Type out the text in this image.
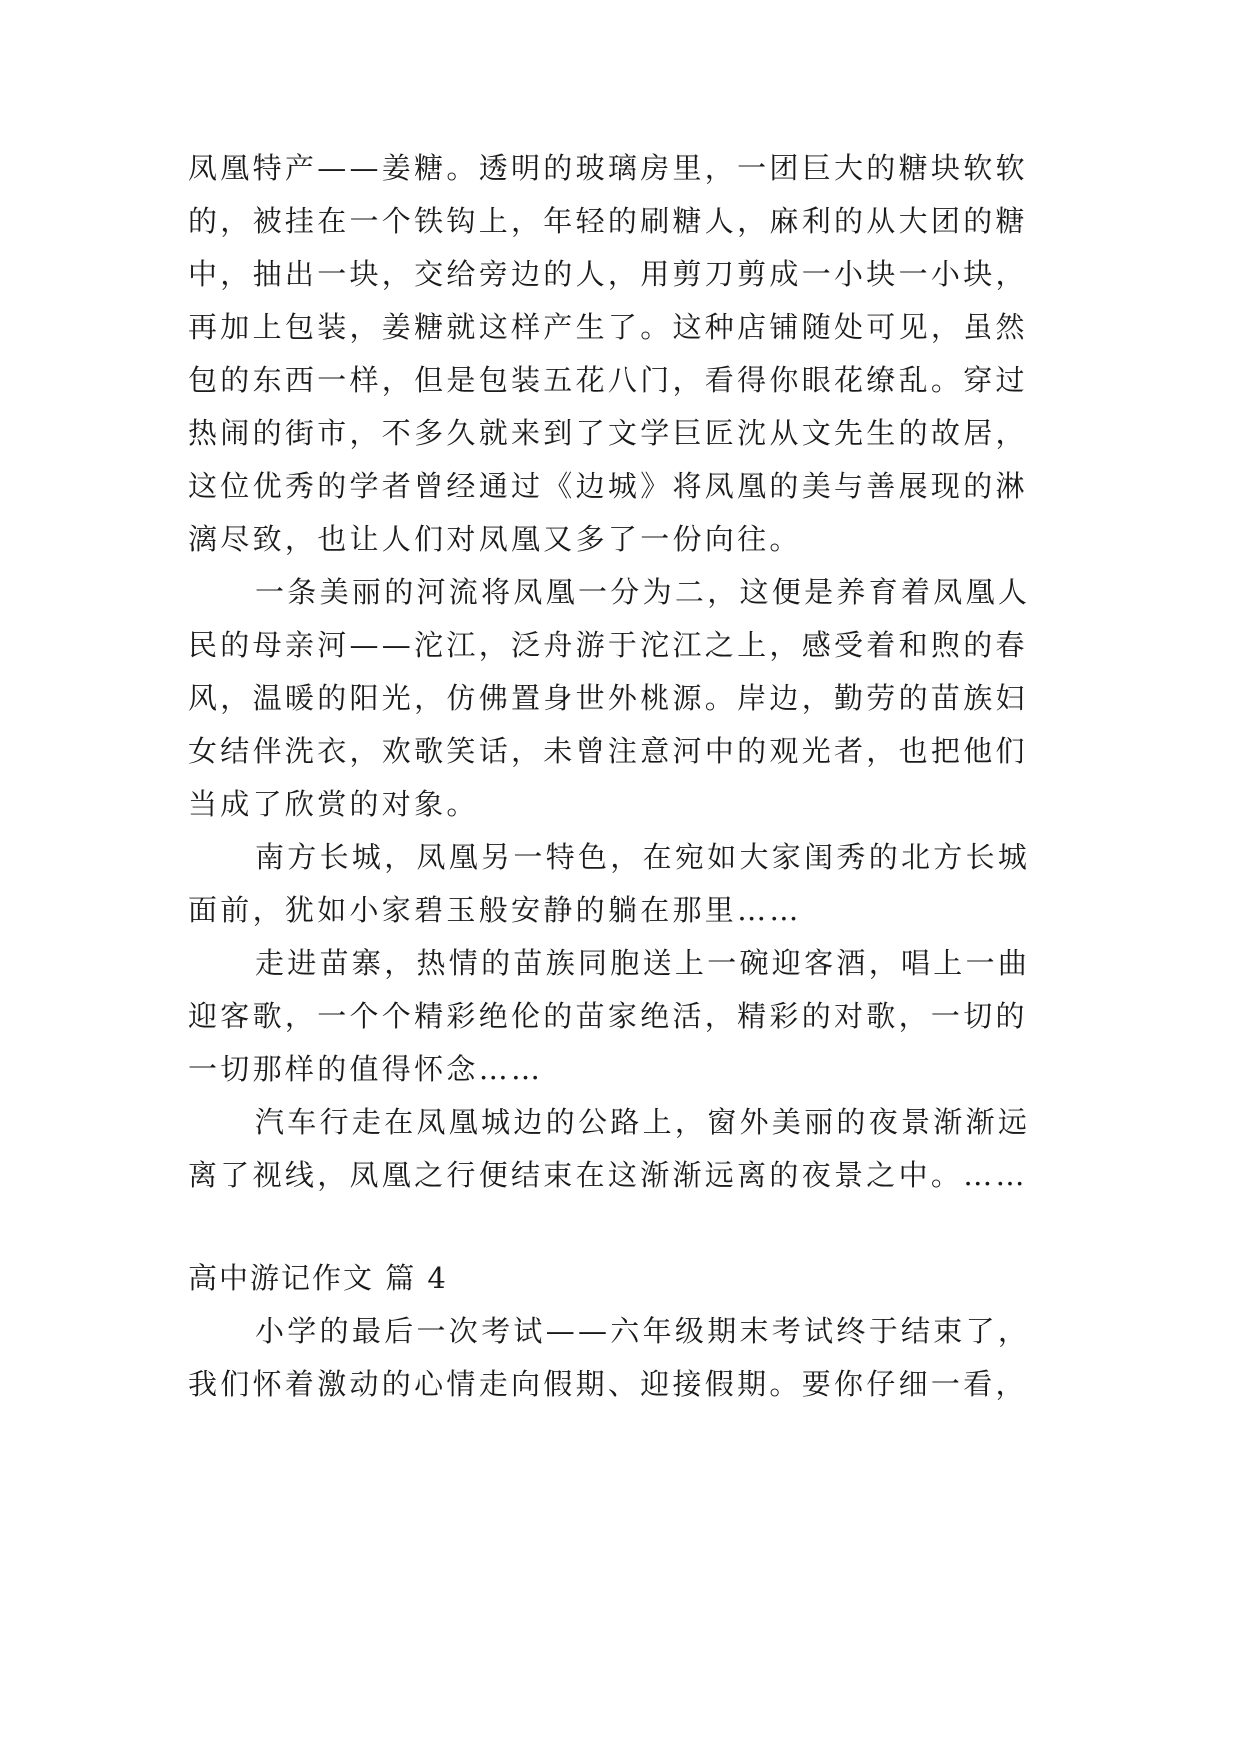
凤凰特产——姜糖。透明的玻璃房里，一团巨大的糖块软软
的，被挂在一个铁钩上，年轻的刷糖人，麻利的从大团的糖
中，抽出一块，交给旁边的人，用剪刀剪成一小块一小块，
再加上包装，姜糖就这样产生了。这种店铺随处可见，虽然
包的东西一样，但是包装五花八门，看得你眼花缭乱。穿过
热闹的街市，不多久就来到了文学巨匠沈从文先生的故居，
这位优秀的学者曾经通过《边城》将凤凰的美与善展现的淋
漓尽致，也让人们对凤凰又多了一份向往。
一条美丽的河流将凤凰一分为二，这便是养育着凤凰人
民的母亲河——沱江，泛舟游于沱江之上，感受着和煦的春
风，温暖的阳光，仿佛置身世外桃源。岸边，勤劳的苗族妇
女结伴洗衣，欢歌笑话，未曾注意河中的观光者，也把他们
当成了欣赏的对象。
南方长城，凤凰另一特色，在宛如大家闺秀的北方长城
面前，犹如小家碧玉般安静的躺在那里……
走进苗寨，热情的苗族同胞送上一碗迎客酒，唱上一曲
迎客歌，一个个精彩绝伦的苗家绝活，精彩的对歌，一切的
一切那样的值得怀念……
汽车行走在凤凰城边的公路上，窗外美丽的夜景渐渐远
离了视线，凤凰之行便结束在这渐渐远离的夜景之中。……
高中游记作文 篇 4
小学的最后一次考试——六年级期末考试终于结束了，
我们怀着激动的心情走向假期、迎接假期。要你仔细一看，
